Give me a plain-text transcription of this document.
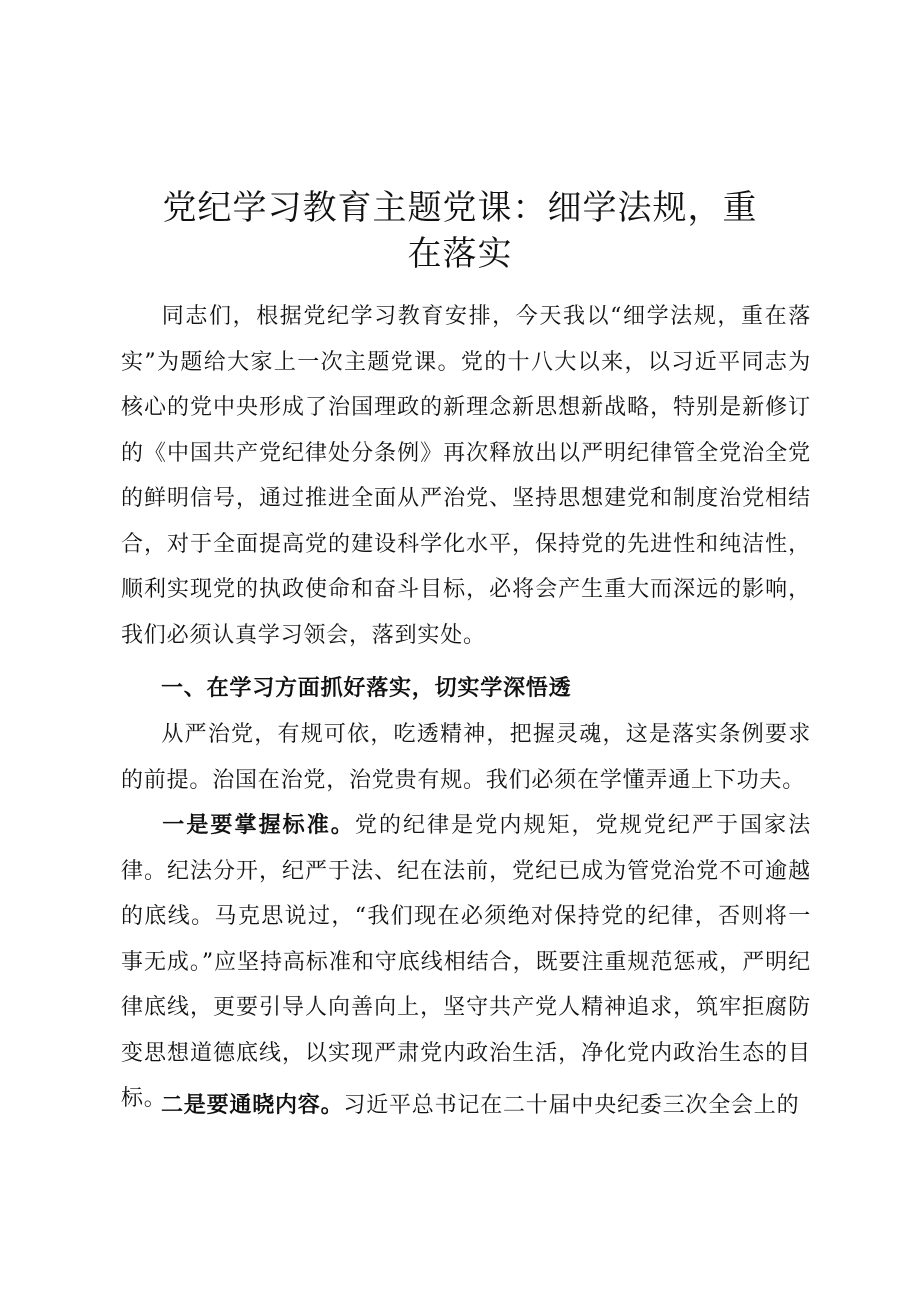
党纪学习教育主题党课：细学法规，重在落实

同志们，根据党纪学习教育安排，今天我以“细学法规，重在落实”为题给大家上一次主题党课。党的十八大以来，以习近平同志为核心的党中央形成了治国理政的新理念新思想新战略，特别是新修订的《中国共产党纪律处分条例》再次释放出以严明纪律管全党治全党的鲜明信号，通过推进全面从严治党、坚持思想建党和制度治党相结合，对于全面提高党的建设科学化水平，保持党的先进性和纯洁性，顺利实现党的执政使命和奋斗目标，必将会产生重大而深远的影响，我们必须认真学习领会，落到实处。

一、在学习方面抓好落实，切实学深悟透

从严治党，有规可依，吃透精神，把握灵魂，这是落实条例要求的前提。治国在治党，治党贵有规。我们必须在学懂弄通上下功夫。

一是要掌握标准。党的纪律是党内规矩，党规党纪严于国家法律。纪法分开，纪严于法、纪在法前，党纪已成为管党治党不可逾越的底线。马克思说过，“我们现在必须绝对保持党的纪律，否则将一事无成。”应坚持高标准和守底线相结合，既要注重规范惩戒，严明纪律底线，更要引导人向善向上，坚守共产党人精神追求，筑牢拒腐防变思想道德底线，以实现严肃党内政治生活，净化党内政治生态的目标。

二是要通晓内容。习近平总书记在二十届中央纪委三次全会上的
